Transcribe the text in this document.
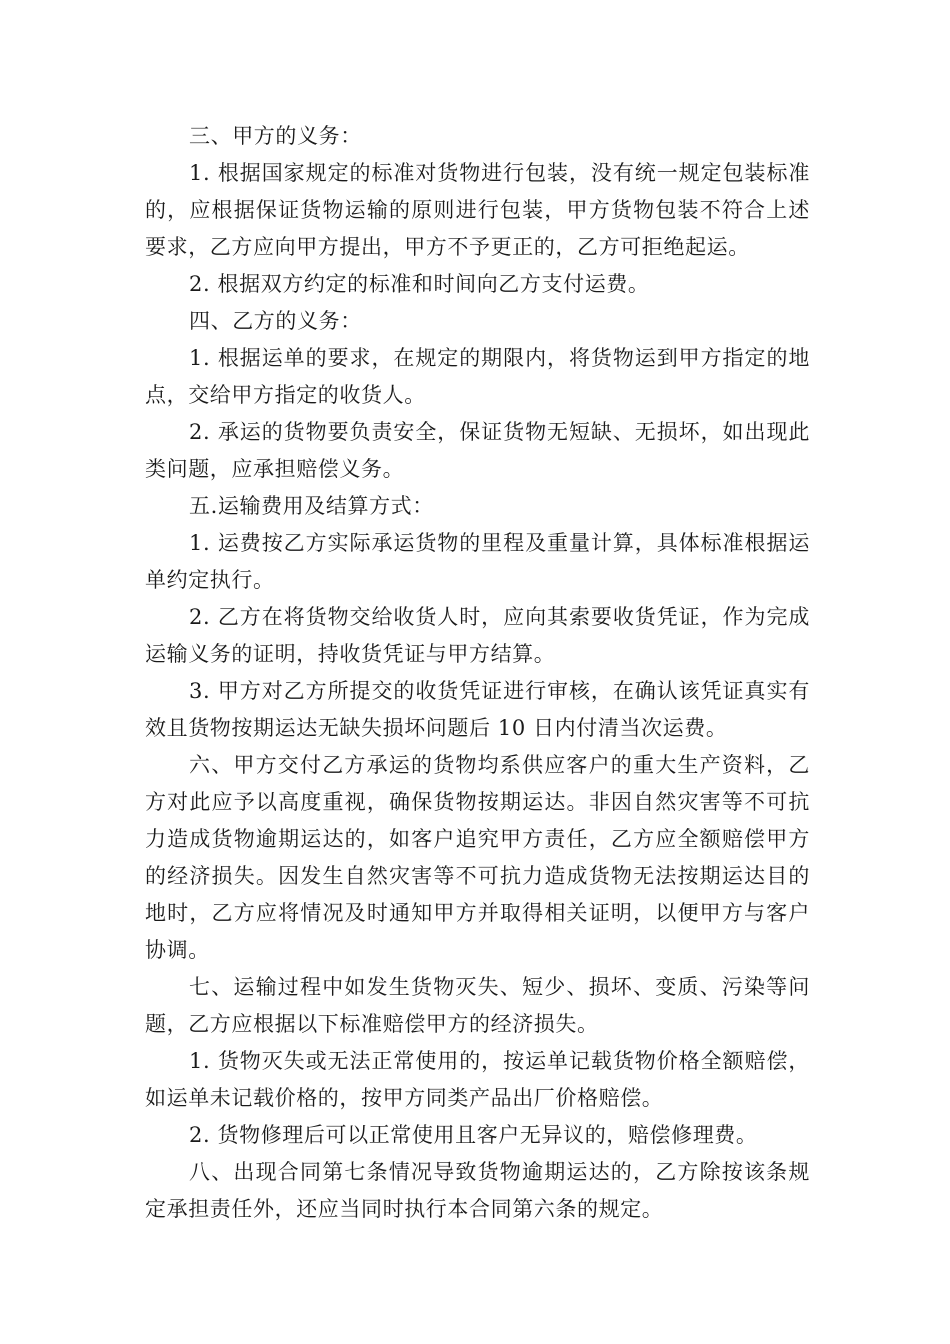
三、甲方的义务：

1. 根据国家规定的标准对货物进行包装，没有统一规定包装标准的，应根据保证货物运输的原则进行包装，甲方货物包装不符合上述要求，乙方应向甲方提出，甲方不予更正的，乙方可拒绝起运。

2. 根据双方约定的标准和时间向乙方支付运费。

四、乙方的义务：

1. 根据运单的要求，在规定的期限内，将货物运到甲方指定的地点，交给甲方指定的收货人。

2. 承运的货物要负责安全，保证货物无短缺、无损坏，如出现此类问题，应承担赔偿义务。

五.运输费用及结算方式：

1. 运费按乙方实际承运货物的里程及重量计算，具体标准根据运单约定执行。

2. 乙方在将货物交给收货人时，应向其索要收货凭证，作为完成运输义务的证明，持收货凭证与甲方结算。

3. 甲方对乙方所提交的收货凭证进行审核，在确认该凭证真实有效且货物按期运达无缺失损坏问题后 10 日内付清当次运费。

六、甲方交付乙方承运的货物均系供应客户的重大生产资料，乙方对此应予以高度重视，确保货物按期运达。非因自然灾害等不可抗力造成货物逾期运达的，如客户追究甲方责任，乙方应全额赔偿甲方的经济损失。因发生自然灾害等不可抗力造成货物无法按期运达目的地时，乙方应将情况及时通知甲方并取得相关证明，以便甲方与客户协调。

七、运输过程中如发生货物灭失、短少、损坏、变质、污染等问题，乙方应根据以下标准赔偿甲方的经济损失。

1. 货物灭失或无法正常使用的，按运单记载货物价格全额赔偿，如运单未记载价格的，按甲方同类产品出厂价格赔偿。

2. 货物修理后可以正常使用且客户无异议的，赔偿修理费。

八、出现合同第七条情况导致货物逾期运达的，乙方除按该条规定承担责任外，还应当同时执行本合同第六条的规定。
